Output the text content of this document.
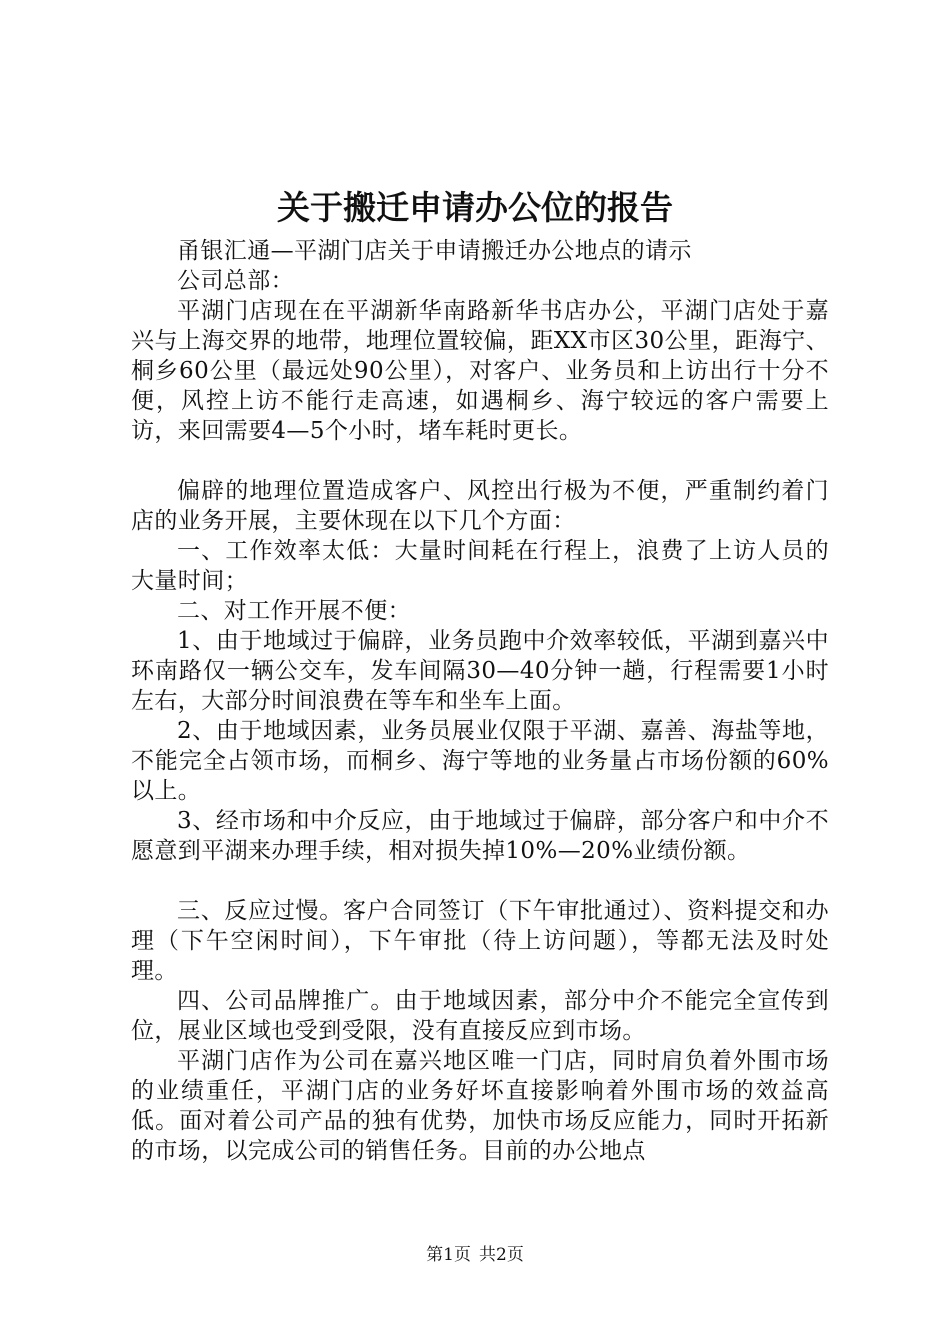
关于搬迁申请办公位的报告

甬银汇通—平湖门店关于申请搬迁办公地点的请示

公司总部：

平湖门店现在在平湖新华南路新华书店办公，平湖门店处于嘉兴与上海交界的地带，地理位置较偏，距XX市区30公里，距海宁、桐乡60公里（最远处90公里），对客户、业务员和上访出行十分不便，风控上访不能行走高速，如遇桐乡、海宁较远的客户需要上访，来回需要4—5个小时，堵车耗时更长。

偏辟的地理位置造成客户、风控出行极为不便，严重制约着门店的业务开展，主要休现在以下几个方面：

一、工作效率太低：大量时间耗在行程上，浪费了上访人员的大量时间；

二、对工作开展不便：

1、由于地域过于偏辟，业务员跑中介效率较低，平湖到嘉兴中环南路仅一辆公交车，发车间隔30—40分钟一趟，行程需要1小时左右，大部分时间浪费在等车和坐车上面。

2、由于地域因素，业务员展业仅限于平湖、嘉善、海盐等地，不能完全占领市场，而桐乡、海宁等地的业务量占市场份额的60%以上。

3、经市场和中介反应，由于地域过于偏辟，部分客户和中介不愿意到平湖来办理手续，相对损失掉10%—20%业绩份额。

三、反应过慢。客户合同签订（下午审批通过）、资料提交和办理（下午空闲时间），下午审批（待上访问题），等都无法及时处理。

四、公司品牌推广。由于地域因素，部分中介不能完全宣传到位，展业区域也受到受限，没有直接反应到市场。

平湖门店作为公司在嘉兴地区唯一门店，同时肩负着外围市场的业绩重任，平湖门店的业务好坏直接影响着外围市场的效益高低。面对着公司产品的独有优势，加快市场反应能力，同时开拓新的市场，以完成公司的销售任务。目前的办公地点

第1页 共2页
